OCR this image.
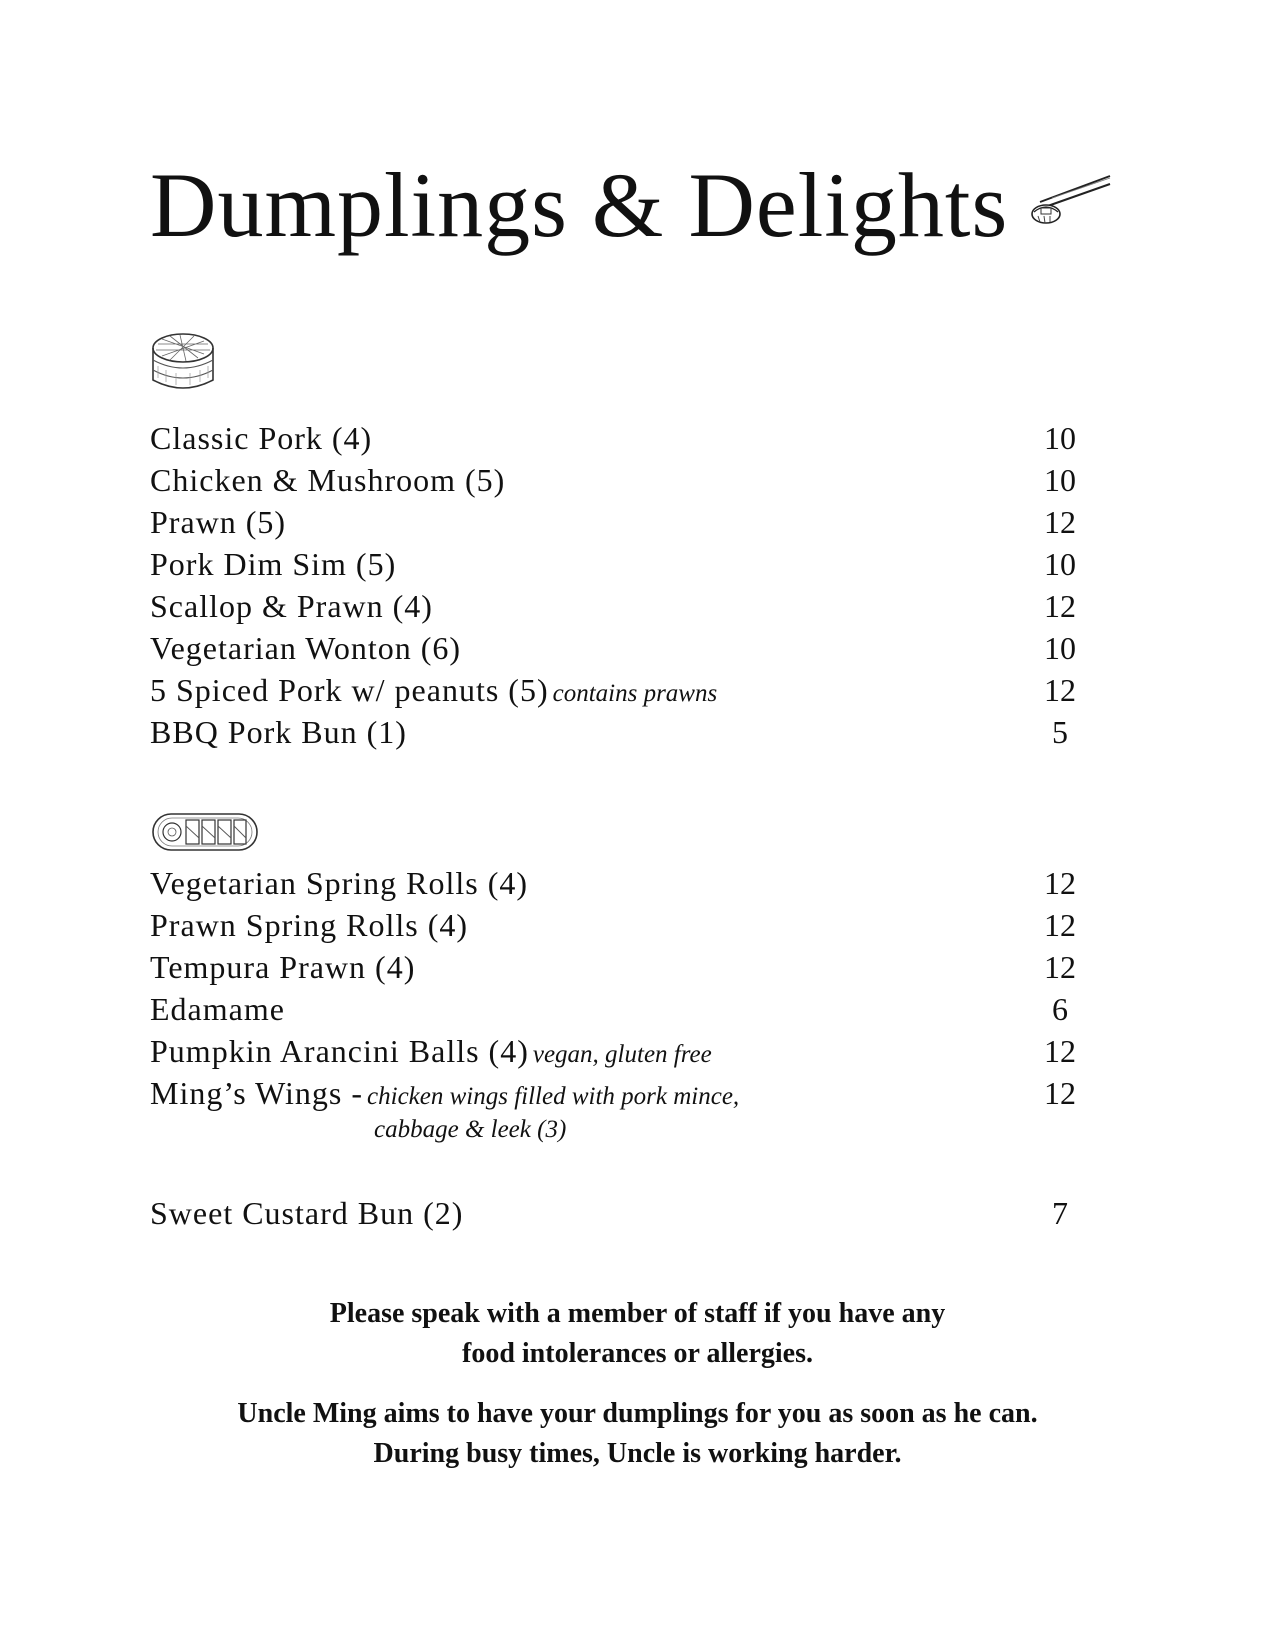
Dumplings & Delights
Classic Pork (4)	10
Chicken & Mushroom (5)	10
Prawn (5)	12
Pork Dim Sim (5)	10
Scallop & Prawn (4)	12
Vegetarian Wonton (6)	10
5 Spiced Pork w/ peanuts (5) contains prawns	12
BBQ Pork Bun (1)	5
Vegetarian Spring Rolls (4)	12
Prawn Spring Rolls (4)	12
Tempura Prawn (4)	12
Edamame	6
Pumpkin Arancini Balls (4) vegan, gluten free	12
Ming’s Wings - chicken wings filled with pork mince,	12
cabbage & leek (3)
Sweet Custard Bun (2)	7

Please speak with a member of staff if you have any
food intolerances or allergies.

Uncle Ming aims to have your dumplings for you as soon as he can.
During busy times, Uncle is working harder.
